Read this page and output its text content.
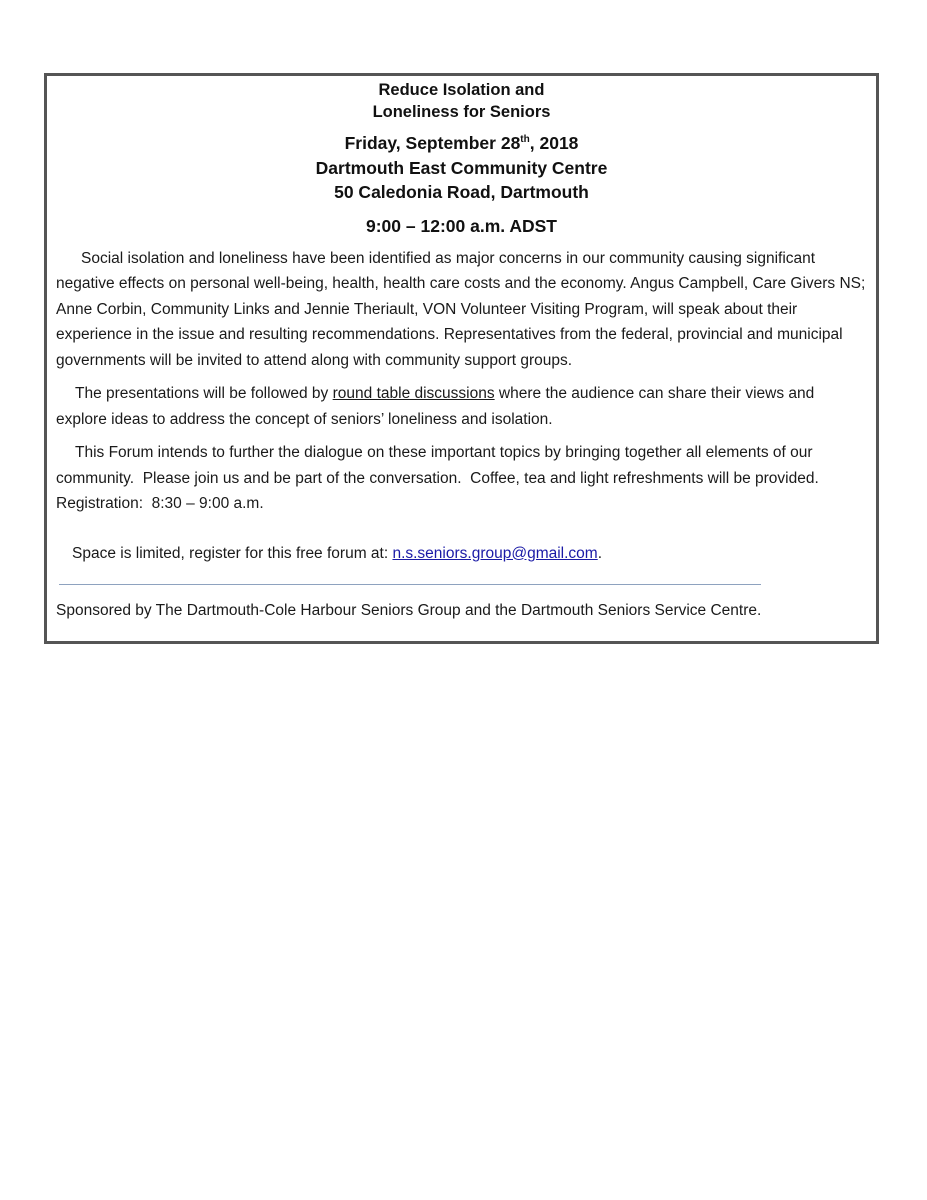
Reduce Isolation and
Loneliness for Seniors
Friday, September 28th, 2018
Dartmouth East Community Centre
50 Caledonia Road, Dartmouth
9:00 – 12:00 a.m. ADST

Social isolation and loneliness have been identified as major concerns in our community causing significant negative effects on personal well-being, health, health care costs and the economy. Angus Campbell, Care Givers NS; Anne Corbin, Community Links and Jennie Theriault, VON Volunteer Visiting Program, will speak about their experience in the issue and resulting recommendations. Representatives from the federal, provincial and municipal governments will be invited to attend along with community support groups.

The presentations will be followed by round table discussions where the audience can share their views and explore ideas to address the concept of seniors’ loneliness and isolation.

This Forum intends to further the dialogue on these important topics by bringing together all elements of our community.  Please join us and be part of the conversation.  Coffee, tea and light refreshments will be provided.      Registration:  8:30 – 9:00 a.m.

Space is limited, register for this free forum at: n.s.seniors.group@gmail.com.

Sponsored by The Dartmouth-Cole Harbour Seniors Group and the Dartmouth Seniors Service Centre.
